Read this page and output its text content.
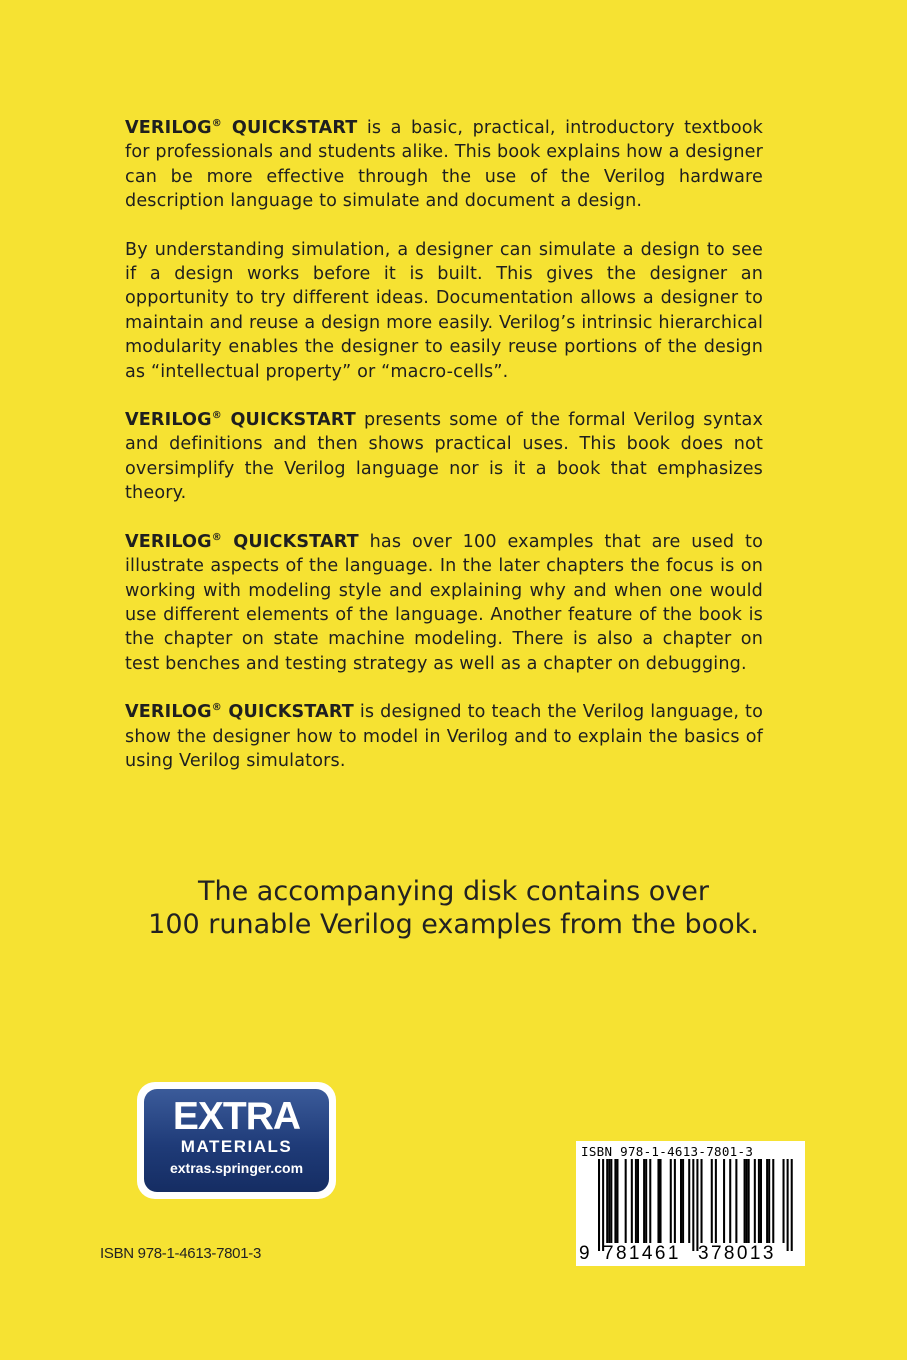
VERILOG® QUICKSTART is a basic, practical, introductory textbook for professionals and students alike. This book explains how a designer can be more effective through the use of the Verilog hardware description language to simulate and document a design.

By understanding simulation, a designer can simulate a design to see if a design works before it is built. This gives the designer an opportunity to try different ideas. Documentation allows a designer to maintain and reuse a design more easily. Verilog’s intrinsic hierarchical modularity enables the designer to easily reuse portions of the design as “intellectual property” or “macro-cells”.

VERILOG® QUICKSTART presents some of the formal Verilog syntax and definitions and then shows practical uses. This book does not oversimplify the Verilog language nor is it a book that emphasizes theory.

VERILOG® QUICKSTART has over 100 examples that are used to illustrate aspects of the language. In the later chapters the focus is on working with modeling style and explaining why and when one would use different elements of the language. Another feature of the book is the chapter on state machine modeling. There is also a chapter on test benches and testing strategy as well as a chapter on debugging.

VERILOG® QUICKSTART is designed to teach the Verilog language, to show the designer how to model in Verilog and to explain the basics of using Verilog simulators.

The accompanying disk contains over
100 runable Verilog examples from the book.
EXTRA
MATERIALS
extras.springer.com
ISBN 978-1-4613-7801-3
ISBN 978-1-4613-7801-3
9 781461 378013
